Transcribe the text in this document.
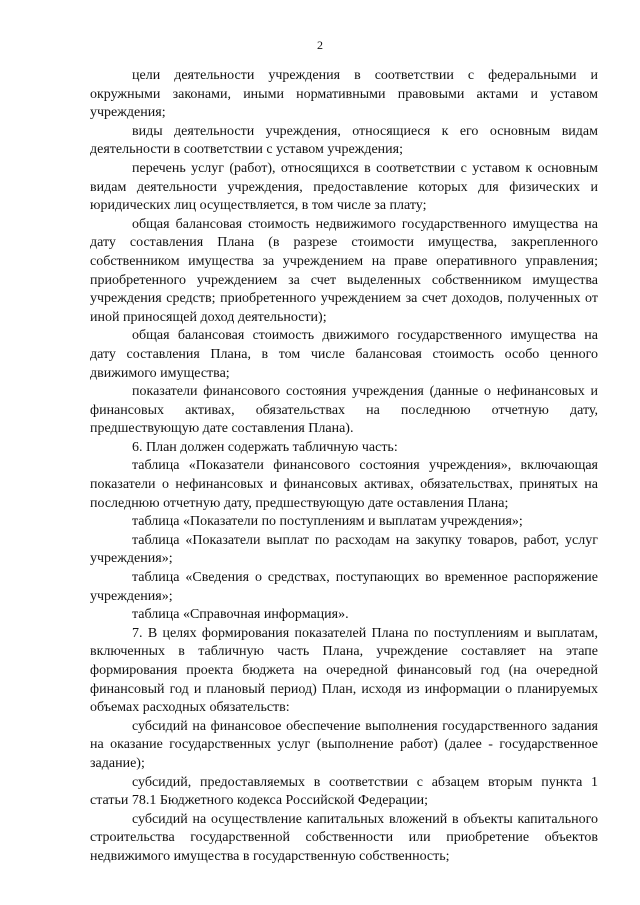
2

цели деятельности учреждения в соответствии с федеральными и окружными законами, иными нормативными правовыми актами и уставом учреждения;

виды деятельности учреждения, относящиеся к его основным видам деятельности в соответствии с уставом учреждения;

перечень услуг (работ), относящихся в соответствии с уставом к основным видам деятельности учреждения, предоставление которых для физических и юридических лиц осуществляется, в том числе за плату;

общая балансовая стоимость недвижимого государственного имущества на дату составления Плана (в разрезе стоимости имущества, закрепленного собственником имущества за учреждением на праве оперативного управления; приобретенного учреждением за счет выделенных собственником имущества учреждения средств; приобретенного учреждением за счет доходов, полученных от иной приносящей доход деятельности);

общая балансовая стоимость движимого государственного имущества на дату составления Плана, в том числе балансовая стоимость особо ценного движимого имущества;

показатели финансового состояния учреждения (данные о нефинансовых и финансовых активах, обязательствах на последнюю отчетную дату, предшествующую дате составления Плана).

6. План должен содержать табличную часть:

таблица «Показатели финансового состояния учреждения», включающая показатели о нефинансовых и финансовых активах, обязательствах, принятых на последнюю отчетную дату, предшествующую дате оставления Плана;

таблица «Показатели по поступлениям и выплатам учреждения»;

таблица «Показатели выплат по расходам на закупку товаров, работ, услуг учреждения»;

таблица «Сведения о средствах, поступающих во временное распоряжение учреждения»;

таблица «Справочная информация».

7. В целях формирования показателей Плана по поступлениям и выплатам, включенных в табличную часть Плана, учреждение составляет на этапе формирования проекта бюджета на очередной финансовый год (на очередной финансовый год и плановый период) План, исходя из информации о планируемых объемах расходных обязательств:

субсидий на финансовое обеспечение выполнения государственного задания на оказание государственных услуг (выполнение работ) (далее - государственное задание);

субсидий, предоставляемых в соответствии с абзацем вторым пункта 1 статьи 78.1 Бюджетного кодекса Российской Федерации;

субсидий на осуществление капитальных вложений в объекты капитального строительства государственной собственности или приобретение объектов недвижимого имущества в государственную собственность;
